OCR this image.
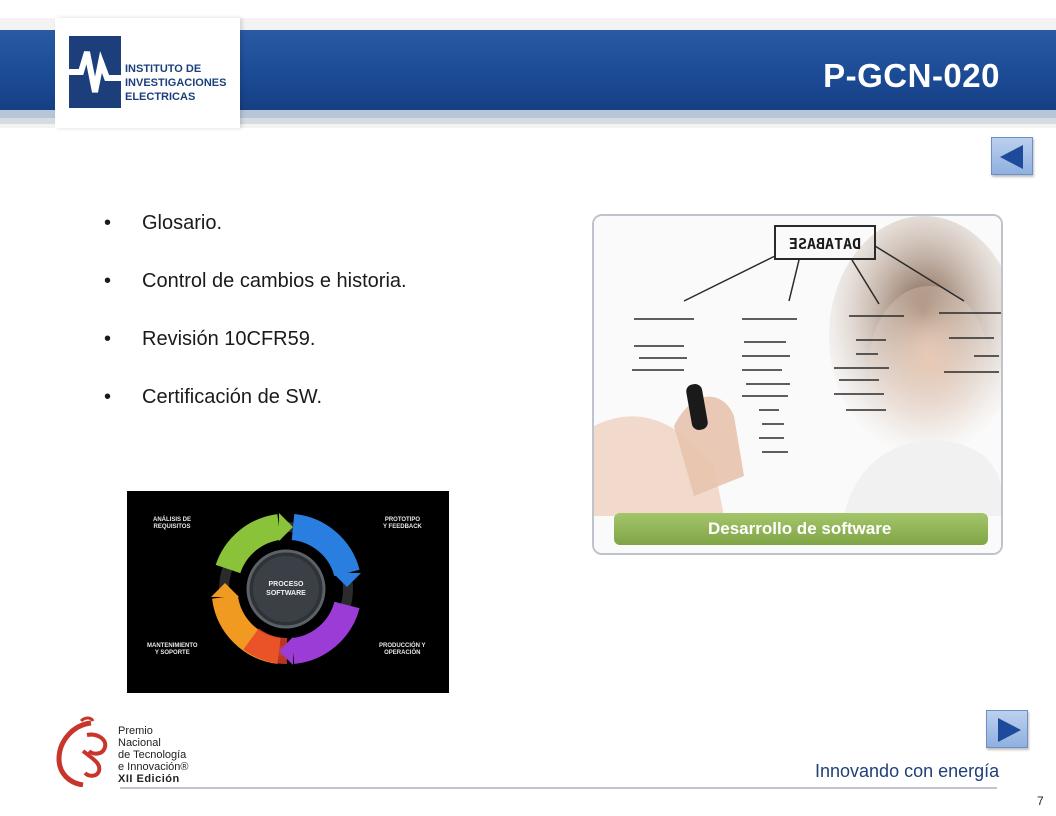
INSTITUTO DE
INVESTIGACIONES
ELECTRICAS
P-GCN-020
• Glosario.
• Control de cambios e historia.
• Revisión 10CFR59.
• Certificación de SW.
DATABASE
Desarrollo de software
PROCESO
SOFTWARE
ANÁLISIS DE
REQUISITOS
PROTOTIPO
Y FEEDBACK
MANTENIMIENTO
Y SOPORTE
PRODUCCIÓN Y
OPERACIÓN
Premio
Nacional
de Tecnología
e Innovación®
XII Edición	Innovando con energía
7
